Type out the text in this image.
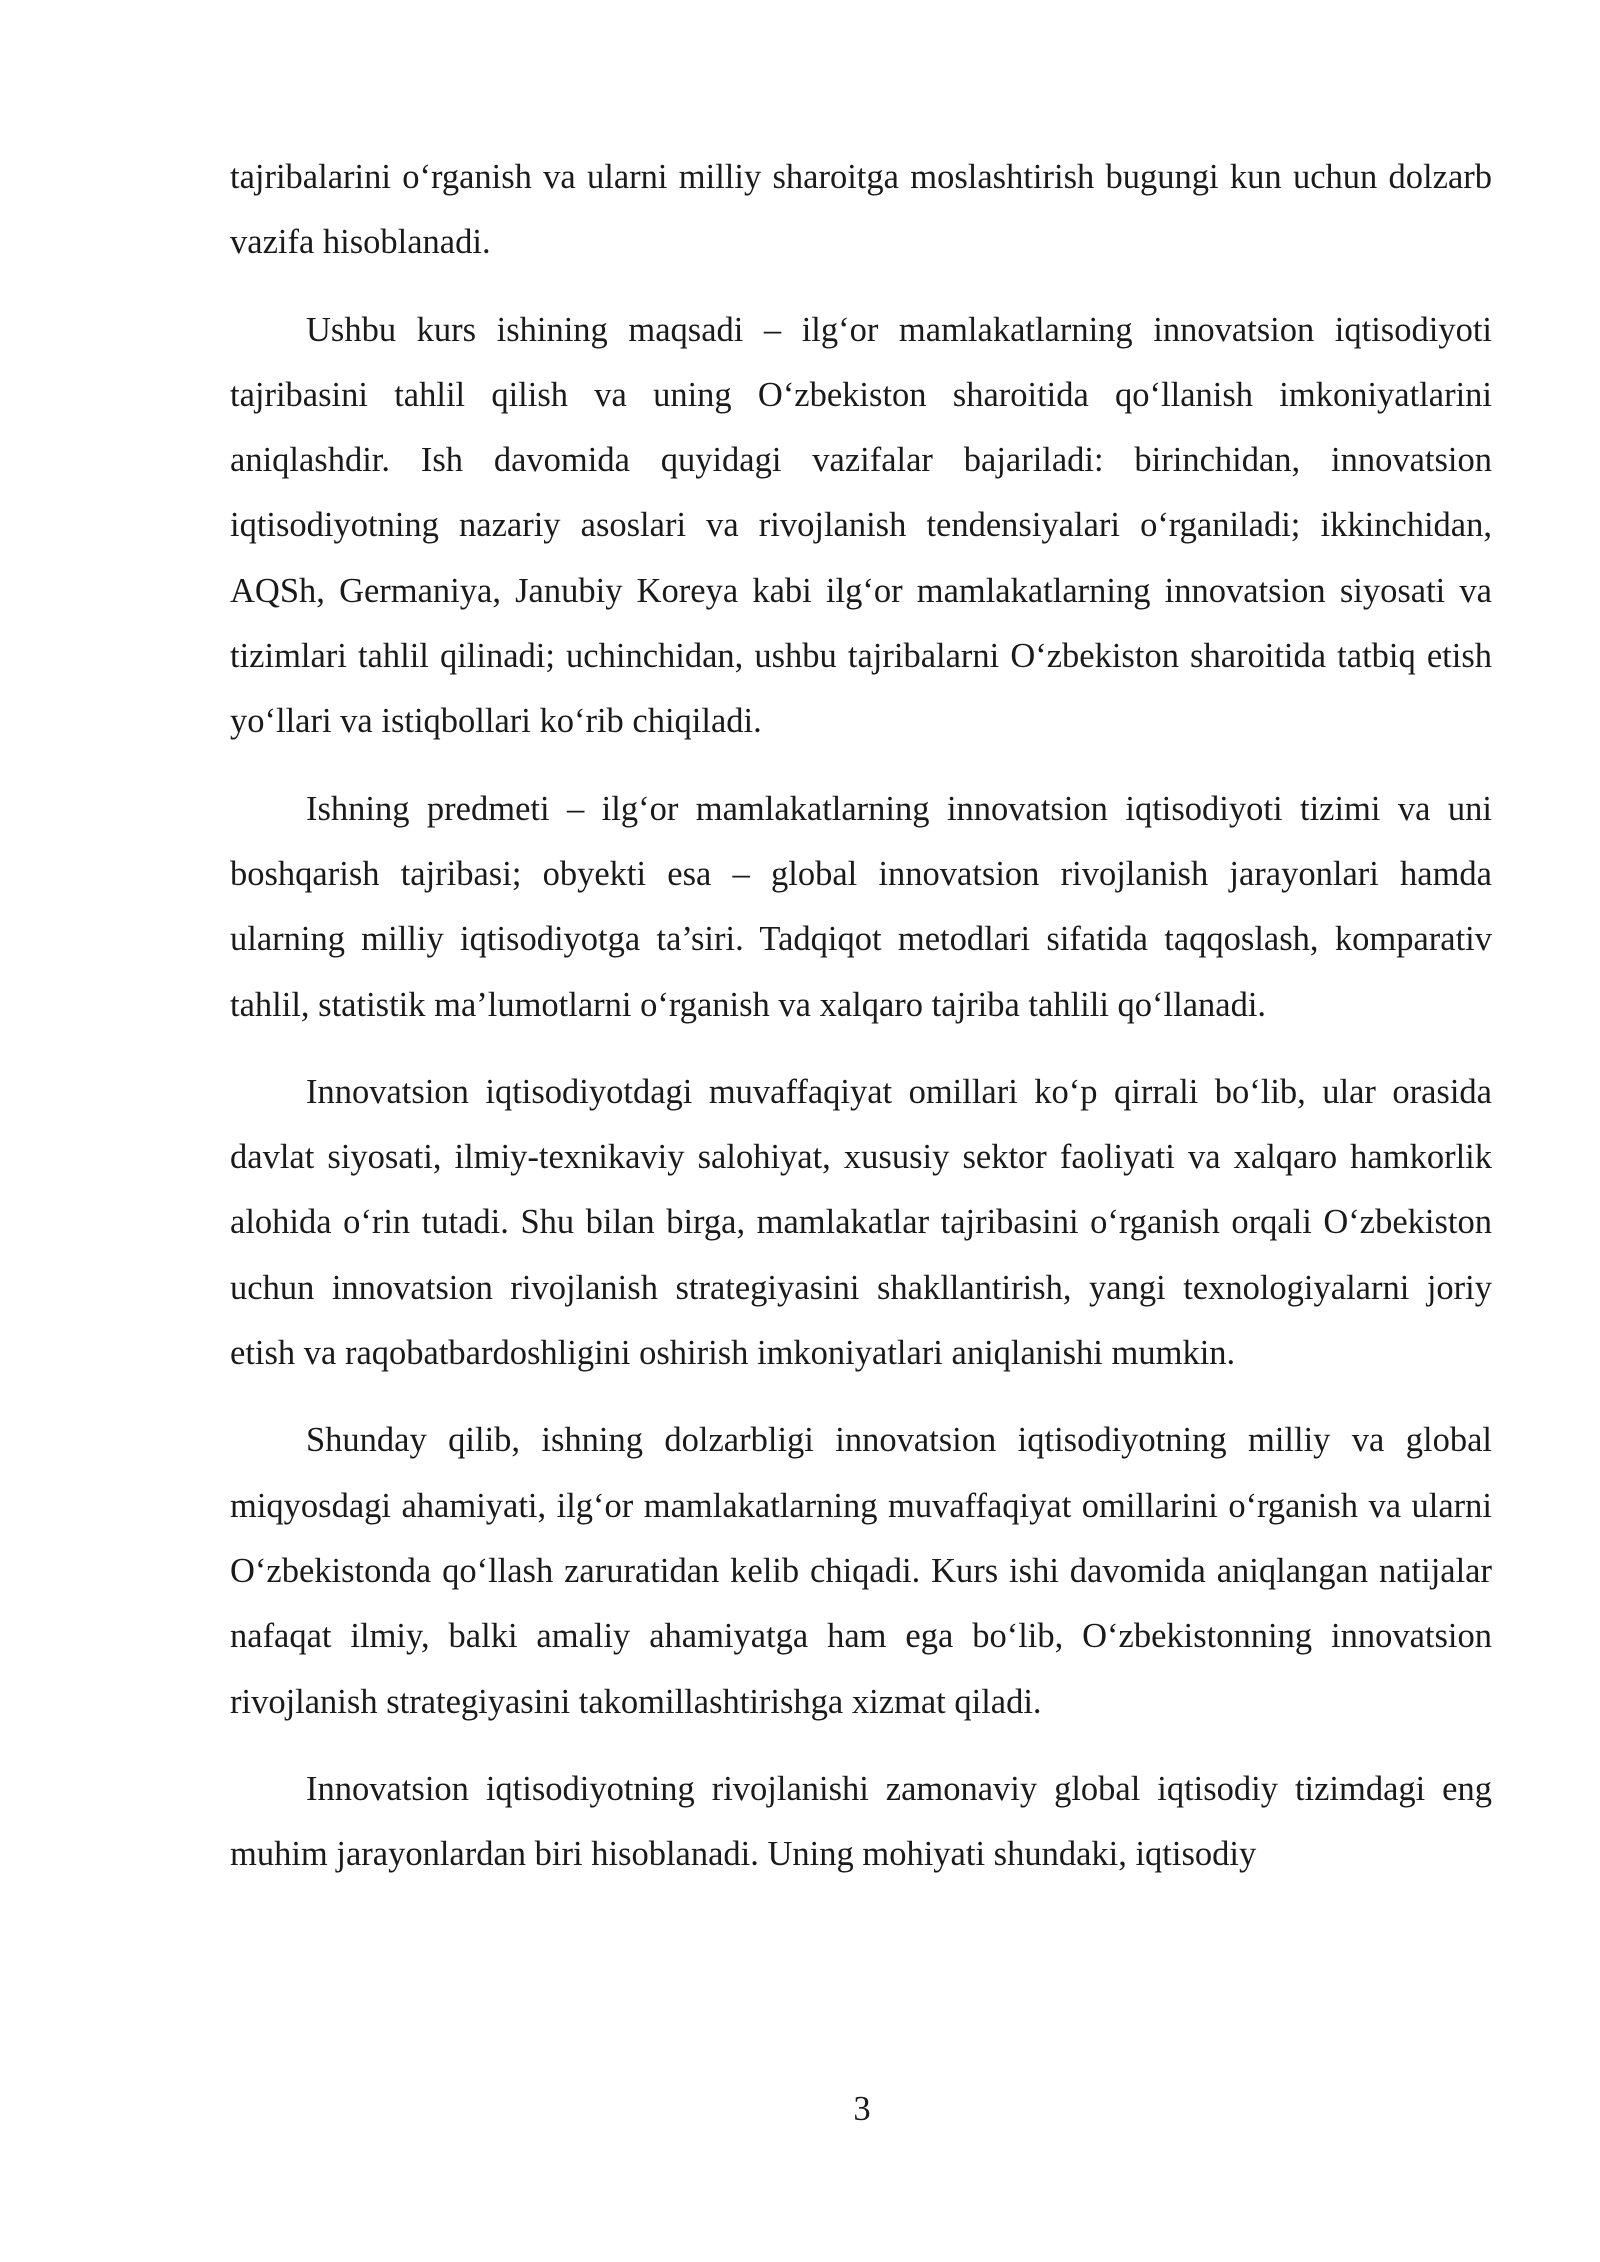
tajribalarini o‘rganish va ularni milliy sharoitga moslashtirish bugungi kun uchun dolzarb vazifa hisoblanadi.

Ushbu kurs ishining maqsadi – ilg‘or mamlakatlarning innovatsion iqtisodiyoti tajribasini tahlil qilish va uning O‘zbekiston sharoitida qo‘llanish imkoniyatlarini aniqlashdir. Ish davomida quyidagi vazifalar bajariladi: birinchidan, innovatsion iqtisodiyotning nazariy asoslari va rivojlanish tendensiyalari o‘rganiladi; ikkinchidan, AQSh, Germaniya, Janubiy Koreya kabi ilg‘or mamlakatlarning innovatsion siyosati va tizimlari tahlil qilinadi; uchinchidan, ushbu tajribalarni O‘zbekiston sharoitida tatbiq etish yo‘llari va istiqbollari ko‘rib chiqiladi.

Ishning predmeti – ilg‘or mamlakatlarning innovatsion iqtisodiyoti tizimi va uni boshqarish tajribasi; obyekti esa – global innovatsion rivojlanish jarayonlari hamda ularning milliy iqtisodiyotga ta’siri. Tadqiqot metodlari sifatida taqqoslash, komparativ tahlil, statistik ma’lumotlarni o‘rganish va xalqaro tajriba tahlili qo‘llanadi.

Innovatsion iqtisodiyotdagi muvaffaqiyat omillari ko‘p qirrali bo‘lib, ular orasida davlat siyosati, ilmiy-texnikaviy salohiyat, xususiy sektor faoliyati va xalqaro hamkorlik alohida o‘rin tutadi. Shu bilan birga, mamlakatlar tajribasini o‘rganish orqali O‘zbekiston uchun innovatsion rivojlanish strategiyasini shakllantirish, yangi texnologiyalarni joriy etish va raqobatbardoshligini oshirish imkoniyatlari aniqlanishi mumkin.

Shunday qilib, ishning dolzarbligi innovatsion iqtisodiyotning milliy va global miqyosdagi ahamiyati, ilg‘or mamlakatlarning muvaffaqiyat omillarini o‘rganish va ularni O‘zbekistonda qo‘llash zaruratidan kelib chiqadi. Kurs ishi davomida aniqlangan natijalar nafaqat ilmiy, balki amaliy ahamiyatga ham ega bo‘lib, O‘zbekistonning innovatsion rivojlanish strategiyasini takomillashtirishga xizmat qiladi.

Innovatsion iqtisodiyotning rivojlanishi zamonaviy global iqtisodiy tizimdagi eng muhim jarayonlardan biri hisoblanadi. Uning mohiyati shundaki, iqtisodiy

3
